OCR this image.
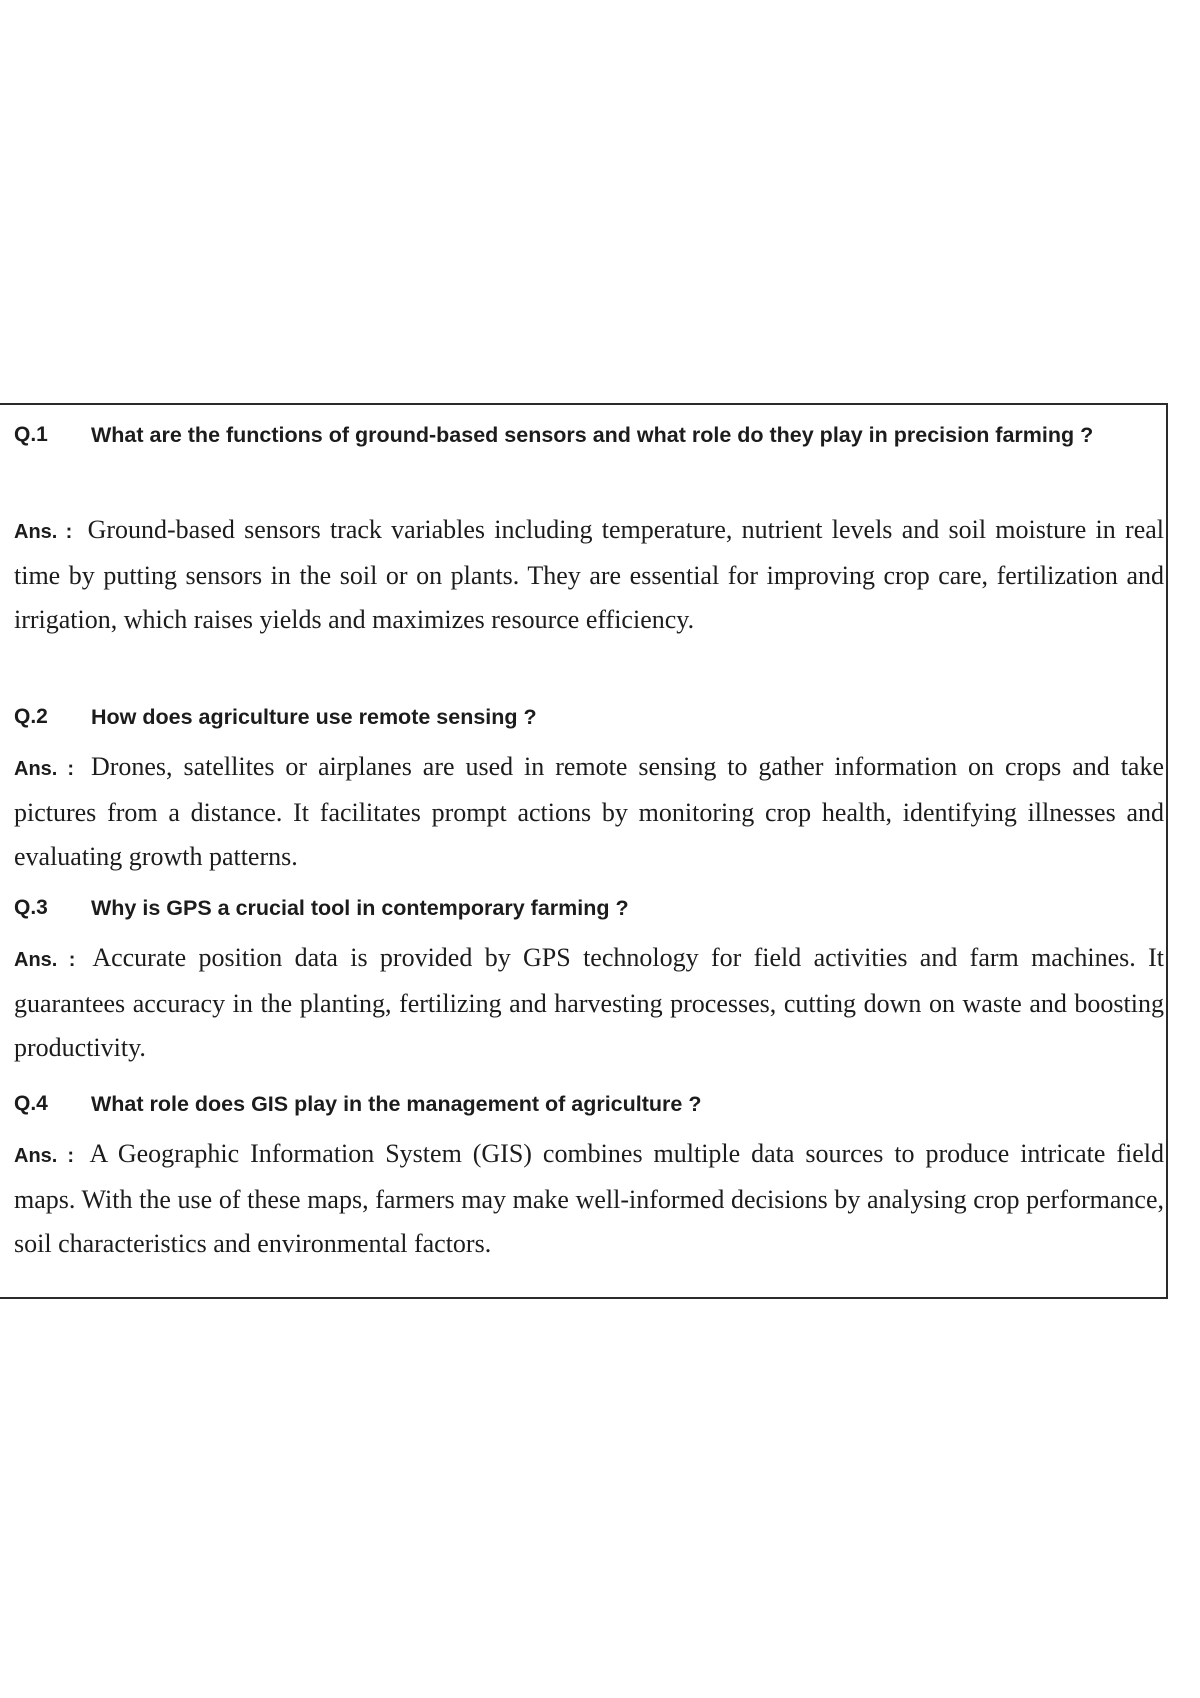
Q.1 What are the functions of ground-based sensors and what role do they play in precision farming ?
Ans. : Ground-based sensors track variables including temperature, nutrient levels and soil moisture in real time by putting sensors in the soil or on plants. They are essential for improving crop care, fertilization and irrigation, which raises yields and maximizes resource efficiency.
Q.2 How does agriculture use remote sensing ?
Ans. : Drones, satellites or airplanes are used in remote sensing to gather information on crops and take pictures from a distance. It facilitates prompt actions by monitoring crop health, identifying illnesses and evaluating growth patterns.
Q.3 Why is GPS a crucial tool in contemporary farming ?
Ans. : Accurate position data is provided by GPS technology for field activities and farm machines. It guarantees accuracy in the planting, fertilizing and harvesting processes, cutting down on waste and boosting productivity.
Q.4 What role does GIS play in the management of agriculture ?
Ans. : A Geographic Information System (GIS) combines multiple data sources to produce intricate field maps. With the use of these maps, farmers may make well-informed decisions by analysing crop performance, soil characteristics and environmental factors.
